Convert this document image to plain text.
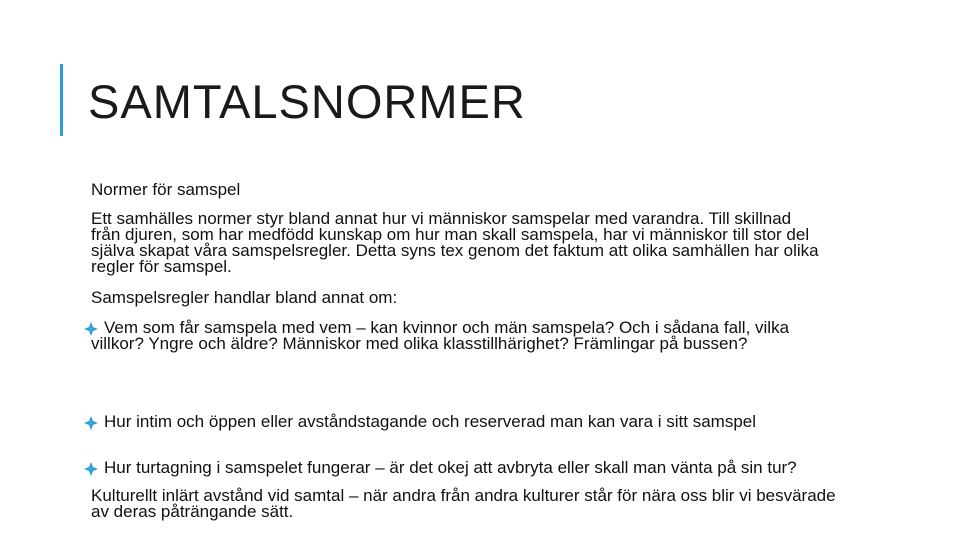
SAMTALSNORMER

Normer för samspel

Ett samhälles normer styr bland annat hur vi människor samspelar med varandra. Till skillnad från djuren, som har medfödd kunskap om hur man skall samspela, har vi människor till stor del själva skapat våra samspelsregler. Detta syns tex genom det faktum att olika samhällen har olika regler för samspel.

Samspelsregler handlar bland annat om:

Vem som får samspela med vem – kan kvinnor och män samspela? Och i sådana fall, vilka villkor? Yngre och äldre? Människor med olika klasstillhärighet? Främlingar på bussen?
Hur intim och öppen eller avståndstagande och reserverad man kan vara i sitt samspel
Hur turtagning i samspelet fungerar – är det okej att avbryta eller skall man vänta på sin tur?

Kulturellt inlärt avstånd vid samtal – när andra från andra kulturer står för nära oss blir vi besvärade av deras påträngande sätt.
